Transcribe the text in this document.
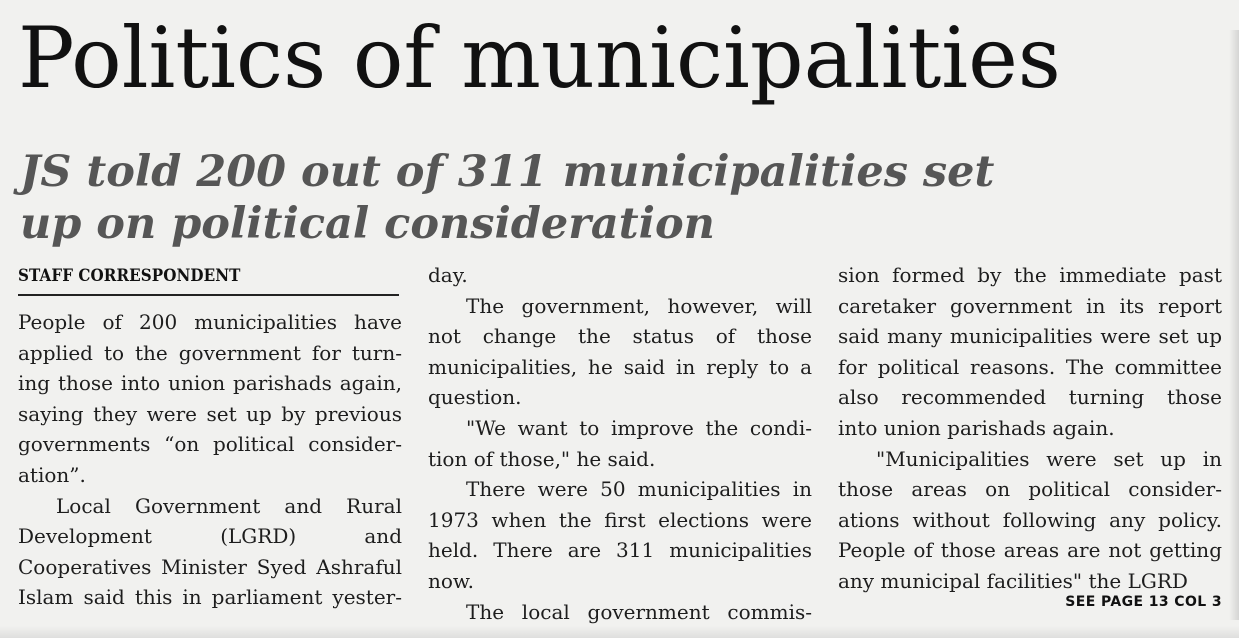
Politics of municipalities
JS told 200 out of 311 municipalities set up on political consideration
STAFF CORRESPONDENT
People of 200 municipalities have
applied to the government for turn-
ing those into union parishads again,
saying they were set up by previous
governments “on political consider-
ation”.
Local Government and Rural
Development (LGRD) and
Cooperatives Minister Syed Ashraful
Islam said this in parliament yester-
day.
The government, however, will
not change the status of those
municipalities, he said in reply to a
question.
"We want to improve the condi-
tion of those," he said.
There were 50 municipalities in
1973 when the first elections were
held. There are 311 municipalities
now.
The local government commis-
sion formed by the immediate past
caretaker government in its report
said many municipalities were set up
for political reasons. The committee
also recommended turning those
into union parishads again.
"Municipalities were set up in
those areas on political consider-
ations without following any policy.
People of those areas are not getting
any municipal facilities" the LGRD
SEE PAGE 13 COL 3
